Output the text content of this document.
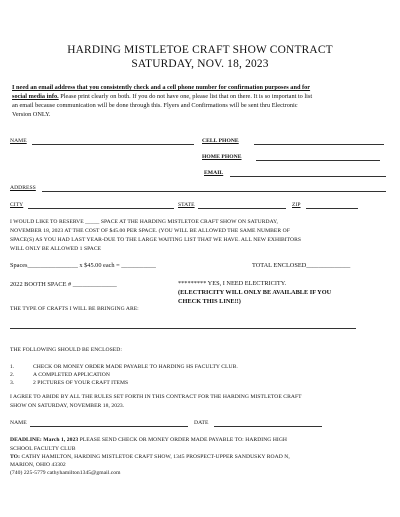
HARDING MISTLETOE CRAFT SHOW CONTRACT
SATURDAY, NOV. 18, 2023
I need an email address that you consistently check and a cell phone number for confirmation purposes and for
social media info. Please print clearly on both. If you do not have one, please list that on there. It is so important to list
an email because communication will be done through this. Flyers and Confirmations will be sent thru Electronic
Version ONLY.
NAME	CELL PHONE
HOME PHONE
EMAIL
ADDRESS
CITY	STATE	ZIP
I WOULD LIKE TO RESERVE _____ SPACE AT THE HARDING MISTLETOE CRAFT SHOW ON SATURDAY,
NOVEMBER 18, 2023 AT THE COST OF $45.00 PER SPACE. (YOU WILL BE ALLOWED THE SAME NUMBER OF
SPACE(S) AS YOU HAD LAST YEAR-DUE TO THE LARGE WAITING LIST THAT WE HAVE. ALL NEW EXHIBITORS
WILL ONLY BE ALLOWED 1 SPACE
Spaces________________ x $45.00 each = ___________	TOTAL ENCLOSED______________
2022 BOOTH SPACE # ______________	********* YES, I NEED ELECTRICITY.
(ELECTRICITY WILL ONLY BE AVAILABLE IF YOU
CHECK THIS LINE!!)
THE TYPE OF CRAFTS I WILL BE BRINGING ARE:
THE FOLLOWING SHOULD BE ENCLOSED:
1.	CHECK OR MONEY ORDER MADE PAYABLE TO HARDING HS FACULTY CLUB.
2.	A COMPLETED APPLICATION
3.	2 PICTURES OF YOUR CRAFT ITEMS
I AGREE TO ABIDE BY ALL THE RULES SET FORTH IN THIS CONTRACT FOR THE HARDING MISTLETOE CRAFT
SHOW ON SATURDAY, NOVEMBER 18, 2023.
NAME	DATE
DEADLINE: March 1, 2023 PLEASE SEND CHECK OR MONEY ORDER MADE PAYABLE TO: HARDING HIGH
SCHOOL FACULTY CLUB
TO: CATHY HAMILTON, HARDING MISTLETOE CRAFT SHOW, 1345 PROSPECT-UPPER SANDUSKY ROAD N,
MARION, OHIO 43302
(740) 225-5779 cathyhamilton1345@gmail.com
